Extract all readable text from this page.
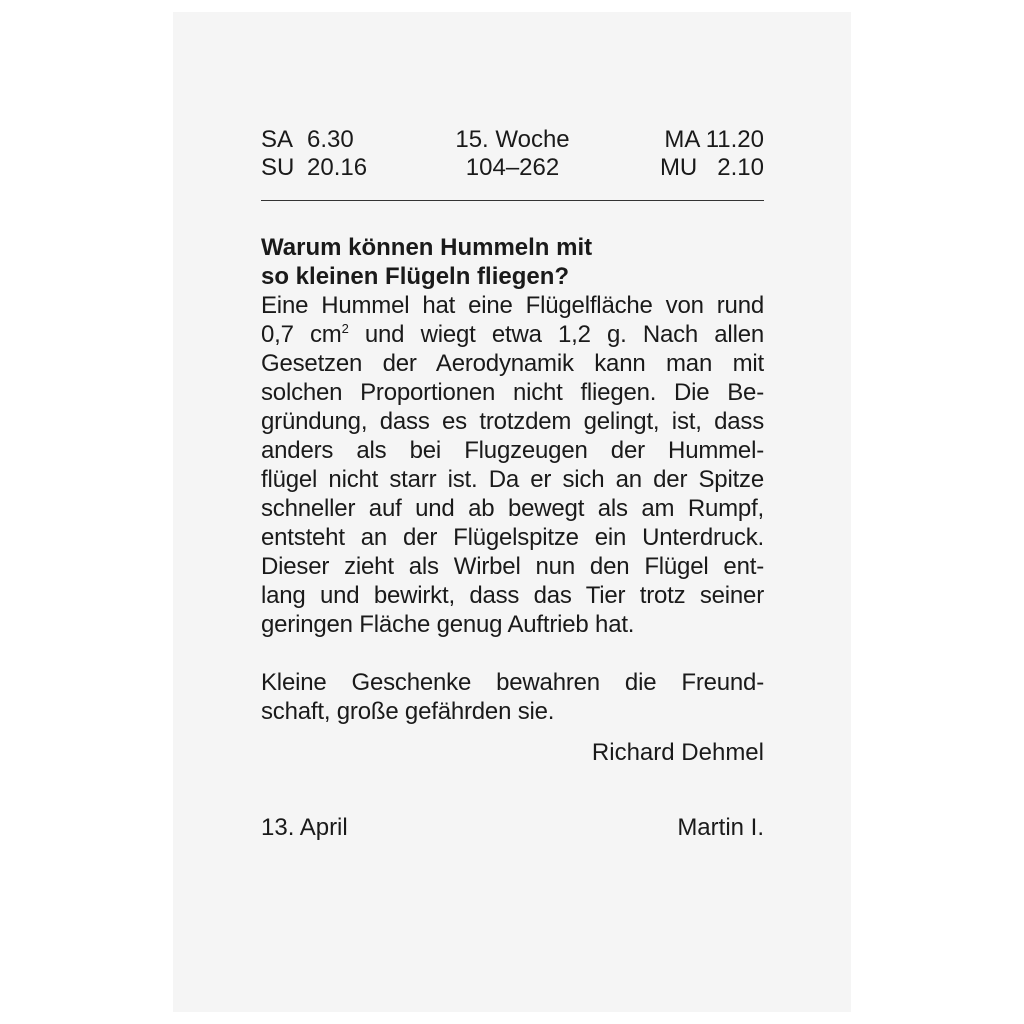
SA 6.30
SU 20.16
15. Woche
104–262
MA 11.20
MU 2.10
Warum können Hummeln mit
so kleinen Flügeln fliegen?
Eine Hummel hat eine Flügelfläche von rund
0,7 $cm^2$ und wiegt etwa 1,2 g. Nach allen
Gesetzen der Aerodynamik kann man mit
solchen Proportionen nicht fliegen. Die Be-
gründung, dass es trotzdem gelingt, ist, dass
anders als bei Flugzeugen der Hummel-
flügel nicht starr ist. Da er sich an der Spitze
schneller auf und ab bewegt als am Rumpf,
entsteht an der Flügelspitze ein Unterdruck.
Dieser zieht als Wirbel nun den Flügel ent-
lang und bewirkt, dass das Tier trotz seiner
geringen Fläche genug Auftrieb hat.
Kleine Geschenke bewahren die Freund-
schaft, große gefährden sie.
Richard Dehmel
13. April	Martin I.
